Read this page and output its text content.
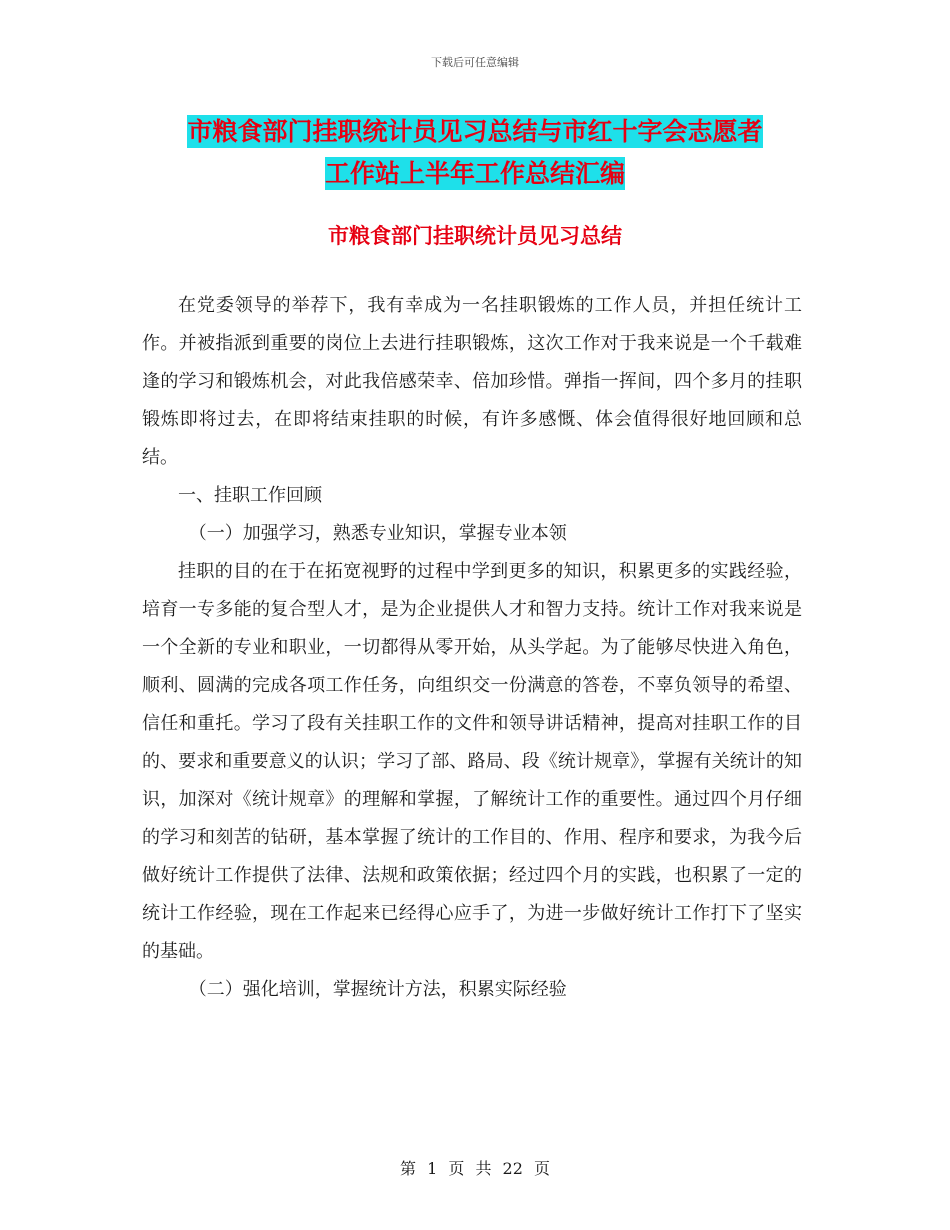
下载后可任意编辑
市粮食部门挂职统计员见习总结与市红十字会志愿者
工作站上半年工作总结汇编
市粮食部门挂职统计员见习总结

在党委领导的举荐下，我有幸成为一名挂职锻炼的工作人员，并担任统计工作。并被指派到重要的岗位上去进行挂职锻炼，这次工作对于我来说是一个千载难逢的学习和锻炼机会，对此我倍感荣幸、倍加珍惜。弹指一挥间，四个多月的挂职锻炼即将过去，在即将结束挂职的时候，有许多感慨、体会值得很好地回顾和总结。

一、挂职工作回顾

（一）加强学习，熟悉专业知识，掌握专业本领

挂职的目的在于在拓宽视野的过程中学到更多的知识，积累更多的实践经验，培育一专多能的复合型人才，是为企业提供人才和智力支持。统计工作对我来说是一个全新的专业和职业，一切都得从零开始，从头学起。为了能够尽快进入角色，顺利、圆满的完成各项工作任务，向组织交一份满意的答卷，不辜负领导的希望、信任和重托。学习了段有关挂职工作的文件和领导讲话精神，提高对挂职工作的目的、要求和重要意义的认识；学习了部、路局、段《统计规章》，掌握有关统计的知识，加深对《统计规章》的理解和掌握，了解统计工作的重要性。通过四个月仔细的学习和刻苦的钻研，基本掌握了统计的工作目的、作用、程序和要求，为我今后做好统计工作提供了法律、法规和政策依据；经过四个月的实践，也积累了一定的统计工作经验，现在工作起来已经得心应手了，为进一步做好统计工作打下了坚实的基础。

（二）强化培训，掌握统计方法，积累实际经验

第 1 页 共 22 页
